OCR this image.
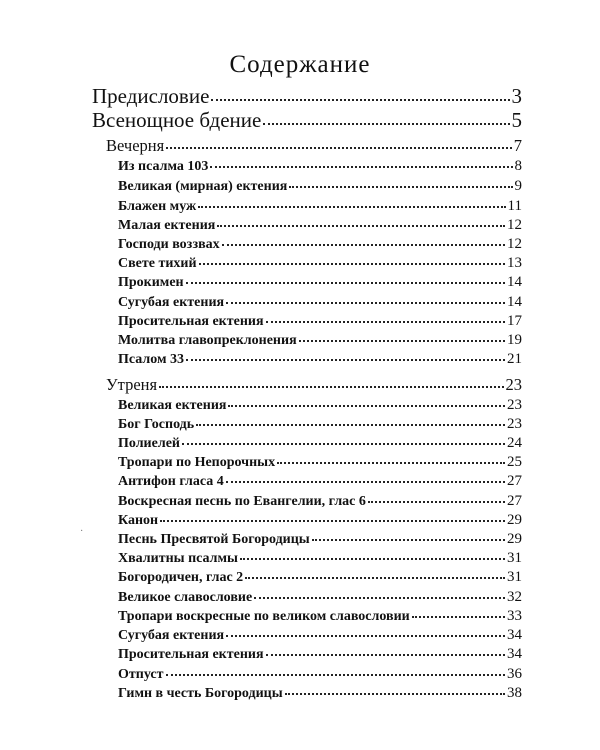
Содержание
Предисловие	3
Всенощное бдение	5
Вечерня	7
Из псалма 103	8
Великая (мирная) ектения	9
Блажен муж	11
Малая ектения	12
Господи воззвах	12
Свете тихий	13
Прокимен	14
Сугубая ектения	14
Просительная ектения	17
Молитва главопреклонения	19
Псалом 33	21
Утреня	23
Великая ектения	23
Бог Господь	23
Полиелей	24
Тропари по Непорочных	25
Антифон гласа 4	27
Воскресная песнь по Евангелии, глас 6	27
Канон	29
Песнь Пресвятой Богородицы	29
Хвалитны псалмы	31
Богородичен, глас 2	31
Великое славословие	32
Тропари воскресные по великом славословии	33
Сугубая ектения	34
Просительная ектения	34
Отпуст	36
Гимн в честь Богородицы	38
·
